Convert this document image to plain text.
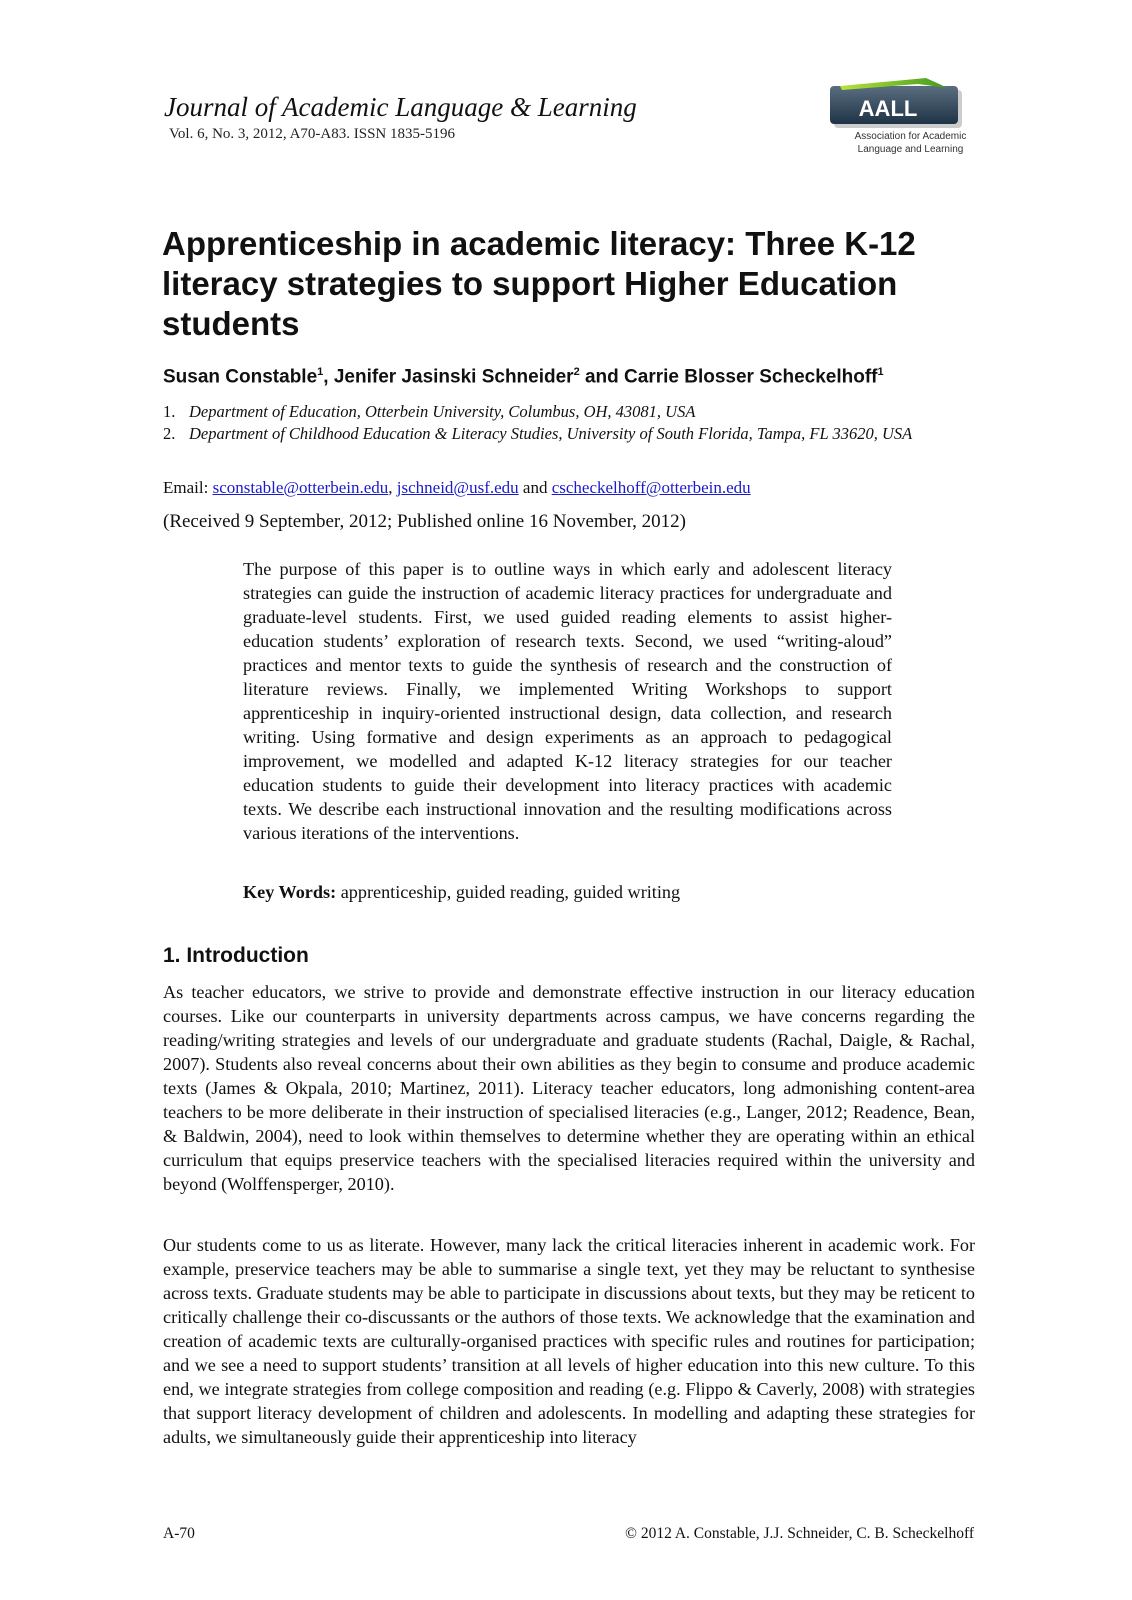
Journal of Academic Language & Learning
Vol. 6, No. 3, 2012, A70-A83. ISSN 1835-5196
AALL
Association for Academic
Language and Learning
Apprenticeship in academic literacy: Three K-12 literacy strategies to support Higher Education students
Susan Constable$^1$, Jenifer Jasinski Schneider$^2$ and Carrie Blosser Scheckelhoff$^1$
1. Department of Education, Otterbein University, Columbus, OH, 43081, USA
2. Department of Childhood Education & Literacy Studies, University of South Florida, Tampa, FL 33620, USA
Email: sconstable@otterbein.edu, jschneid@usf.edu and cscheckelhoff@otterbein.edu
(Received 9 September, 2012; Published online 16 November, 2012)

The purpose of this paper is to outline ways in which early and adolescent literacy strategies can guide the instruction of academic literacy practices for undergraduate and graduate-level students. First, we used guided reading elements to assist higher-education students’ exploration of research texts. Second, we used “writing-aloud” practices and mentor texts to guide the synthesis of research and the construction of literature reviews. Finally, we implemented Writing Workshops to support apprenticeship in inquiry-oriented instructional design, data collection, and research writing. Using formative and design experiments as an approach to pedagogical improvement, we modelled and adapted K-12 literacy strategies for our teacher education students to guide their development into literacy practices with academic texts. We describe each instructional innovation and the resulting modifications across various iterations of the interventions.

Key Words: apprenticeship, guided reading, guided writing
1. Introduction

As teacher educators, we strive to provide and demonstrate effective instruction in our literacy education courses. Like our counterparts in university departments across campus, we have concerns regarding the reading/writing strategies and levels of our undergraduate and graduate students (Rachal, Daigle, & Rachal, 2007). Students also reveal concerns about their own abilities as they begin to consume and produce academic texts (James & Okpala, 2010; Martinez, 2011). Literacy teacher educators, long admonishing content-area teachers to be more deliberate in their instruction of specialised literacies (e.g., Langer, 2012; Readence, Bean, & Baldwin, 2004), need to look within themselves to determine whether they are operating within an ethical curriculum that equips preservice teachers with the specialised literacies required within the university and beyond (Wolffensperger, 2010).

Our students come to us as literate. However, many lack the critical literacies inherent in academic work. For example, preservice teachers may be able to summarise a single text, yet they may be reluctant to synthesise across texts. Graduate students may be able to participate in discussions about texts, but they may be reticent to critically challenge their co-discussants or the authors of those texts. We acknowledge that the examination and creation of academic texts are culturally-organised practices with specific rules and routines for participation; and we see a need to support students’ transition at all levels of higher education into this new culture. To this end, we integrate strategies from college composition and reading (e.g. Flippo & Caverly, 2008) with strategies that support literacy development of children and adolescents. In modelling and adapting these strategies for adults, we simultaneously guide their apprenticeship into literacy

A-70	© 2012 A. Constable, J.J. Schneider, C. B. Scheckelhoff
